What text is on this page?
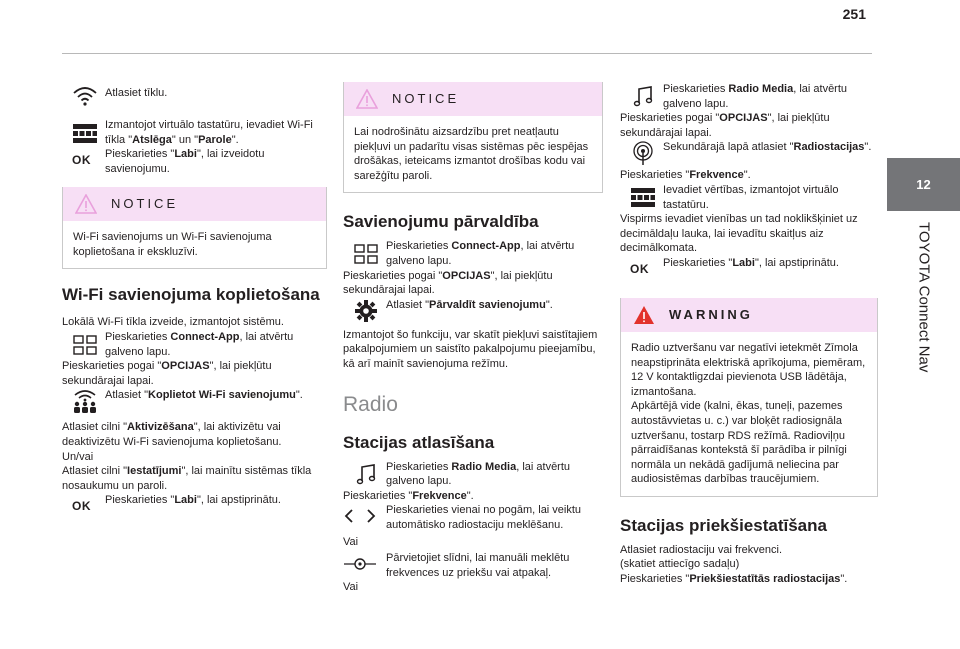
251
12
TOYOTA Connect Nav

Atlasiet tīklu.

Izmantojot virtuālo tastatūru, ievadiet Wi-Fi tīkla "Atslēga" un "Parole".

OK Pieskarieties "Labi", lai izveidotu savienojumu.

NOTICE

Wi-Fi savienojums un Wi-Fi savienojuma koplietošana ir ekskluzīvi.

Wi-Fi savienojuma koplietošana

Lokālā Wi-Fi tīkla izveide, izmantojot sistēmu.

Pieskarieties Connect-App, lai atvērtu galveno lapu.

Pieskarieties pogai "OPCIJAS", lai piekļūtu sekundārajai lapai.

Atlasiet "Koplietot Wi-Fi savienojumu".

Atlasiet cilni "Aktivizēšana", lai aktivizētu vai deaktivizētu Wi-Fi savienojuma koplietošanu.

Un/vai

Atlasiet cilni "Iestatījumi", lai mainītu sistēmas tīkla nosaukumu un paroli.

OK Pieskarieties "Labi", lai apstiprinātu.

NOTICE

Lai nodrošinātu aizsardzību pret neatļautu piekļuvi un padarītu visas sistēmas pēc iespējas drošākas, ieteicams izmantot drošības kodu vai sarežģītu paroli.

Savienojumu pārvaldība

Pieskarieties Connect-App, lai atvērtu galveno lapu.

Pieskarieties pogai "OPCIJAS", lai piekļūtu sekundārajai lapai.

Atlasiet "Pārvaldīt savienojumu".

Izmantojot šo funkciju, var skatīt piekļuvi saistītajiem pakalpojumiem un saistīto pakalpojumu pieejamību, kā arī mainīt savienojuma režīmu.

Radio
Stacijas atlasīšana

Pieskarieties Radio Media, lai atvērtu galveno lapu.

Pieskarieties "Frekvence".

Pieskarieties vienai no pogām, lai veiktu automātisko radiostaciju meklēšanu.

Vai

Pārvietojiet slīdni, lai manuāli meklētu frekvences uz priekšu vai atpakaļ.

Vai

Pieskarieties Radio Media, lai atvērtu galveno lapu.

Pieskarieties pogai "OPCIJAS", lai piekļūtu sekundārajai lapai.

Sekundārajā lapā atlasiet "Radiostacijas".

Pieskarieties "Frekvence".

Ievadiet vērtības, izmantojot virtuālo tastatūru.

Vispirms ievadiet vienības un tad noklikšķiniet uz decimāldaļu lauka, lai ievadītu skaitļus aiz decimālkomata.

OK Pieskarieties "Labi", lai apstiprinātu.

WARNING

Radio uztveršanu var negatīvi ietekmēt Zīmola neapstiprināta elektriskā aprīkojuma, piemēram, 12 V kontaktligzdai pievienota USB lādētāja, izmantošana.

Apkārtējā vide (kalni, ēkas, tuneļi, pazemes autostāvvietas u. c.) var bloķēt radiosignāla uztveršanu, tostarp RDS režīmā. Radioviļņu pārraidīšanas kontekstā šī parādība ir pilnīgi normāla un nekādā gadījumā neliecina par audiosistēmas darbības traucējumiem.

Stacijas priekšiestatīšana

Atlasiet radiostaciju vai frekvenci.

(skatiet attiecīgo sadaļu)

Pieskarieties "Priekšiestatītās radiostacijas".
